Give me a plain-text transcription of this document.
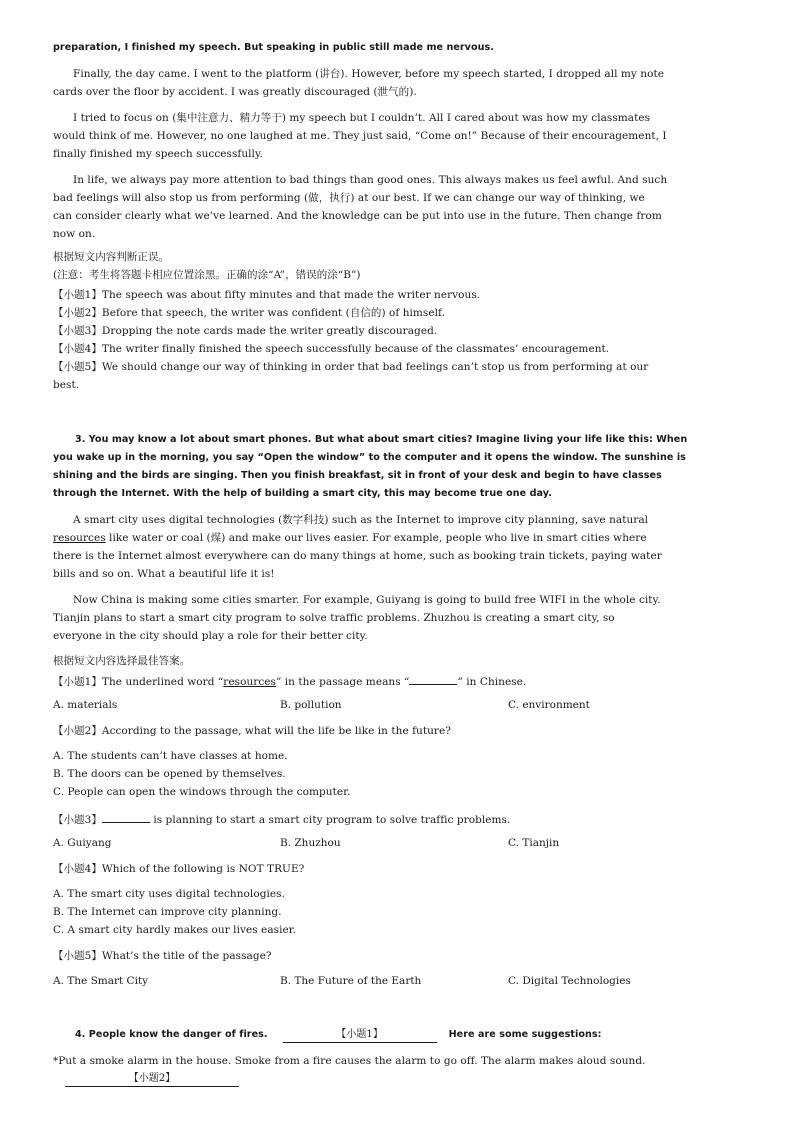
preparation, I finished my speech. But speaking in public still made me nervous.
Finally, the day came. I went to the platform (讲台). However, before my speech started, I dropped all my note
cards over the floor by accident. I was greatly discouraged (泄气的).
I tried to focus on (集中注意力、精力等于) my speech but I couldn’t. All I cared about was how my classmates
would think of me. However, no one laughed at me. They just said, “Come on!” Because of their encouragement, I
finally finished my speech successfully.
In life, we always pay more attention to bad things than good ones. This always makes us feel awful. And such
bad feelings will also stop us from performing (做，执行) at our best. If we can change our way of thinking, we
can consider clearly what we’ve learned. And the knowledge can be put into use in the future. Then change from
now on.
根据短文内容判断正误。
(注意：考生将答题卡相应位置涂黑。正确的涂“A”，错误的涂“B”)
【小题1】The speech was about fifty minutes and that made the writer nervous.
【小题2】Before that speech, the writer was confident (自信的) of himself.
【小题3】Dropping the note cards made the writer greatly discouraged.
【小题4】The writer finally finished the speech successfully because of the classmates’ encouragement.
【小题5】We should change our way of thinking in order that bad feelings can’t stop us from performing at our
best.
3. You may know a lot about smart phones. But what about smart cities? Imagine living your life like this: When
you wake up in the morning, you say “Open the window” to the computer and it opens the window. The sunshine is
shining and the birds are singing. Then you finish breakfast, sit in front of your desk and begin to have classes
through the Internet. With the help of building a smart city, this may become true one day.
A smart city uses digital technologies (数字科技) such as the Internet to improve city planning, save natural
resources like water or coal (煤) and make our lives easier. For example, people who live in smart cities where
there is the Internet almost everywhere can do many things at home, such as booking train tickets, paying water
bills and so on. What a beautiful life it is!
Now China is making some cities smarter. For example, Guiyang is going to build free WIFI in the whole city.
Tianjin plans to start a smart city program to solve traffic problems. Zhuzhou is creating a smart city, so
everyone in the city should play a role for their better city.
根据短文内容选择最佳答案。
【小题1】The underlined word “resources” in the passage means “	” in Chinese.
A. materials	B. pollution	C. environment
【小题2】According to the passage, what will the life be like in the future?
A. The students can’t have classes at home.
B. The doors can be opened by themselves.
C. People can open the windows through the computer.
【小题3】	is planning to start a smart city program to solve traffic problems.
A. Guiyang	B. Zhuzhou	C. Tianjin
【小题4】Which of the following is NOT TRUE?
A. The smart city uses digital technologies.
B. The Internet can improve city planning.
C. A smart city hardly makes our lives easier.
【小题5】What’s the title of the passage?
A. The Smart City	B. The Future of the Earth	C. Digital Technologies
4. People know the danger of fires.	【小题1】	Here are some suggestions:
*Put a smoke alarm in the house. Smoke from a fire causes the alarm to go off. The alarm makes aloud sound.
【小题2】
